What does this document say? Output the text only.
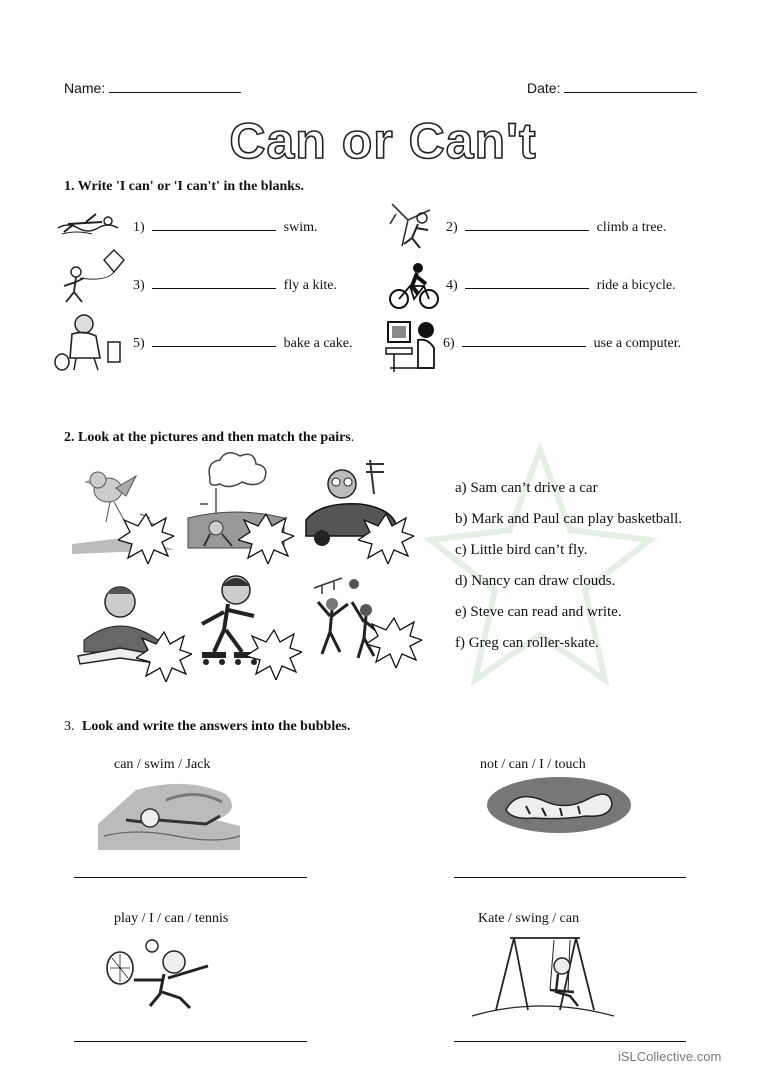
Name:	Date:
Can or Can't
1. Write 'I can' or 'I can't' in the blanks.
1)	swim.	2)	climb a tree.
3)	fly a kite.	4)	ride a bicycle.
5)	bake a cake.	6)	use a computer.
2. Look at the pictures and then match the pairs.
a) Sam can’t drive a car
b) Mark and Paul can play basketball.
c) Little bird can’t fly.
d) Nancy can draw clouds.
e) Steve can read and write.
f) Greg can roller-skate.
3. Look and write the answers into the bubbles.
can / swim / Jack	not / can / I / touch
play / I / can / tennis	Kate / swing / can
iSLCollective.com
